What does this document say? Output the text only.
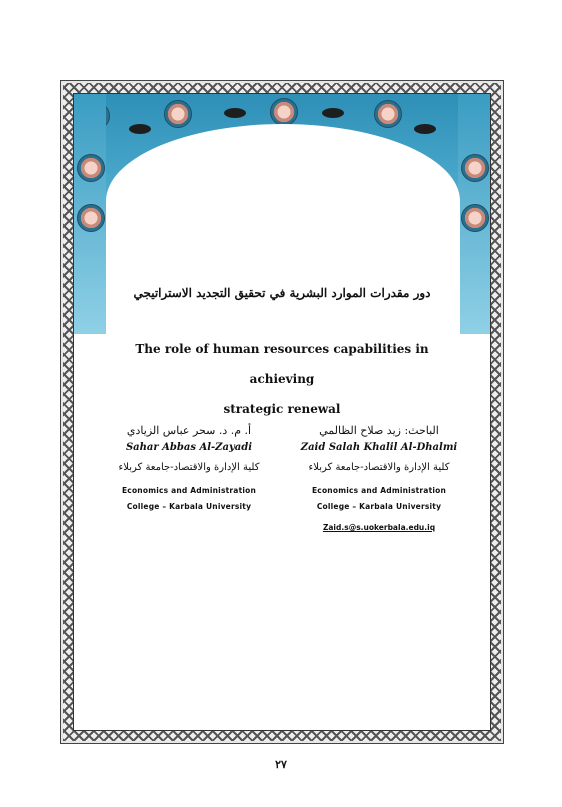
دور مقدرات الموارد البشرية في تحقيق التجديد الاستراتيجي
The role of human resources capabilities in achieving
strategic renewal
أ. م. د. سحر عباس الزيادي
Sahar Abbas Al-Zayadi
كلية الإدارة والاقتصاد-جامعة كربلاء
Economics and Administration
College – Karbala University
الباحث: زيد صلاح الظالمي
Zaid Salah Khalil Al-Dhalmi
كلية الإدارة والاقتصاد-جامعة كربلاء
Economics and Administration
College – Karbala University
Zaid.s@s.uokerbala.edu.iq
٢٧
